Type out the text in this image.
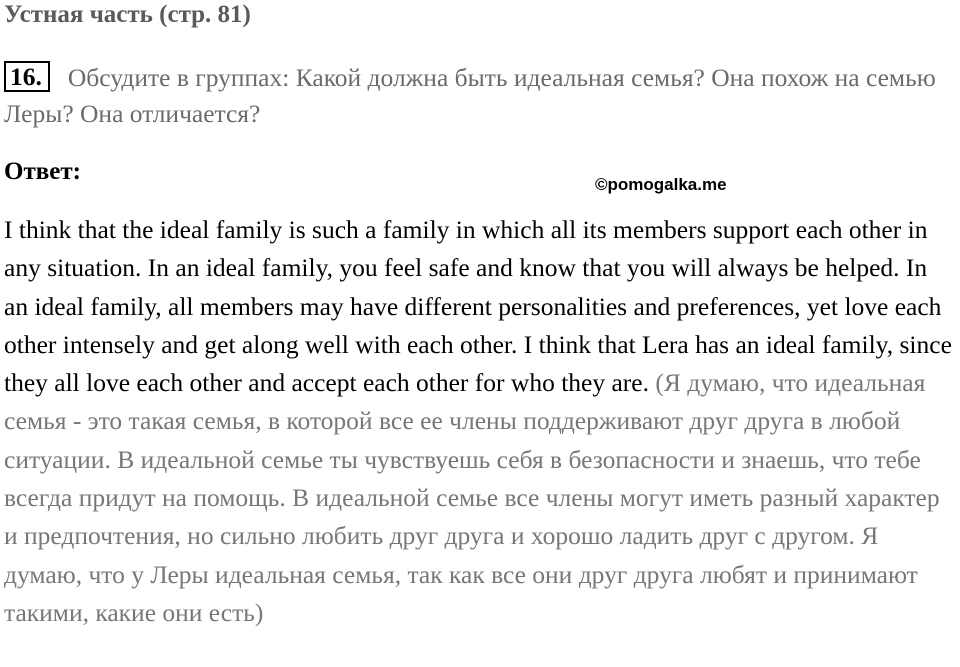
Устная часть (стр. 81)
16. Обсудите в группах: Какой должна быть идеальная семья? Она похож на семью Леры? Она отличается?
Ответ:	©pomogalka.me
I think that the ideal family is such a family in which all its members support each other in any situation. In an ideal family, you feel safe and know that you will always be helped. In an ideal family, all members may have different personalities and preferences, yet love each other intensely and get along well with each other. I think that Lera has an ideal family, since they all love each other and accept each other for who they are. (Я думаю, что идеальная семья - это такая семья, в которой все ее члены поддерживают друг друга в любой ситуации. В идеальной семье ты чувствуешь себя в безопасности и знаешь, что тебе всегда придут на помощь. В идеальной семье все члены могут иметь разный характер и предпочтения, но сильно любить друг друга и хорошо ладить друг с другом. Я думаю, что у Леры идеальная семья, так как все они друг друга любят и принимают такими, какие они есть)
